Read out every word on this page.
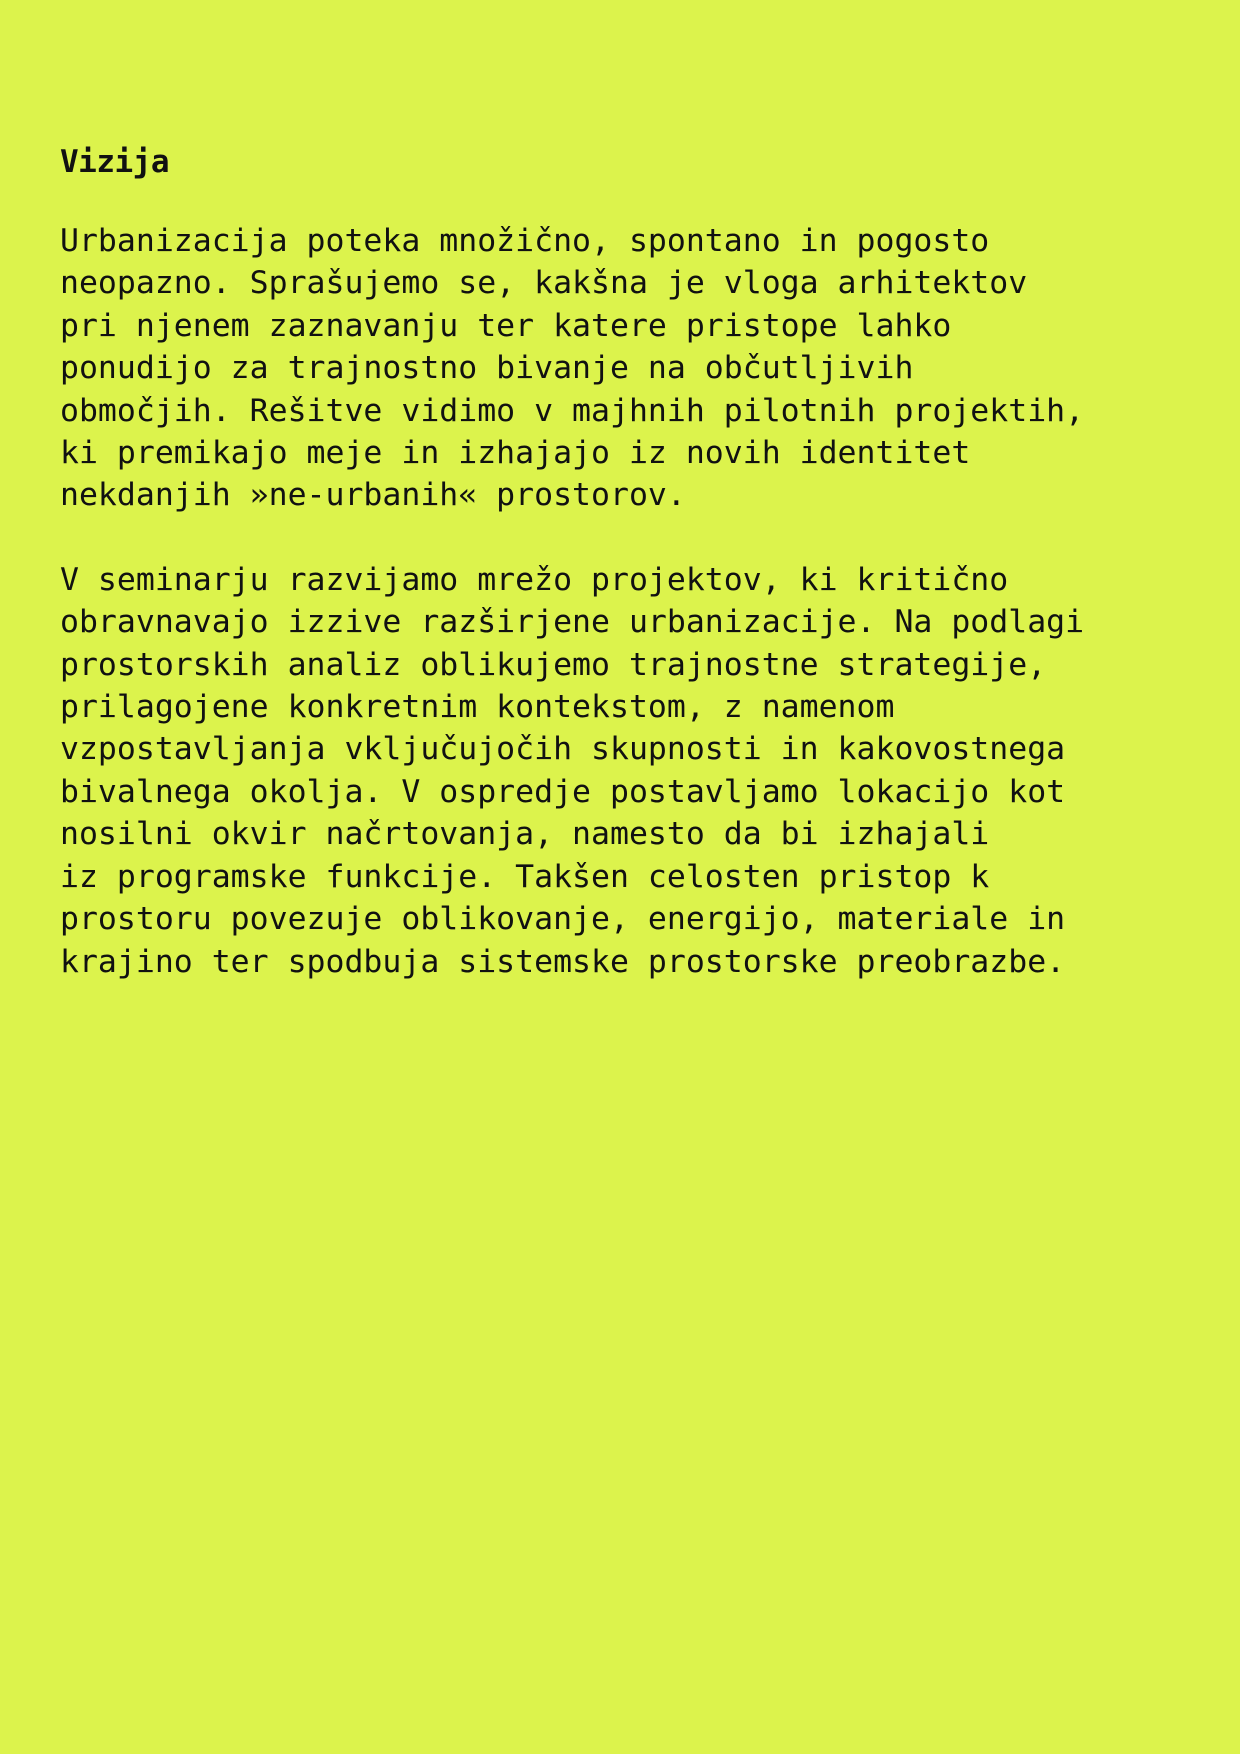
Vizija
Urbanizacija poteka množično, spontano in pogosto
neopazno. Sprašujemo se, kakšna je vloga arhitektov
pri njenem zaznavanju ter katere pristope lahko
ponudijo za trajnostno bivanje na občutljivih
območjih. Rešitve vidimo v majhnih pilotnih projektih,
ki premikajo meje in izhajajo iz novih identitet
nekdanjih »ne-urbanih« prostorov.
V seminarju razvijamo mrežo projektov, ki kritično
obravnavajo izzive razširjene urbanizacije. Na podlagi
prostorskih analiz oblikujemo trajnostne strategije,
prilagojene konkretnim kontekstom, z namenom
vzpostavljanja vključujočih skupnosti in kakovostnega
bivalnega okolja. V ospredje postavljamo lokacijo kot
nosilni okvir načrtovanja, namesto da bi izhajali
iz programske funkcije. Takšen celosten pristop k
prostoru povezuje oblikovanje, energijo, materiale in
krajino ter spodbuja sistemske prostorske preobrazbe.
